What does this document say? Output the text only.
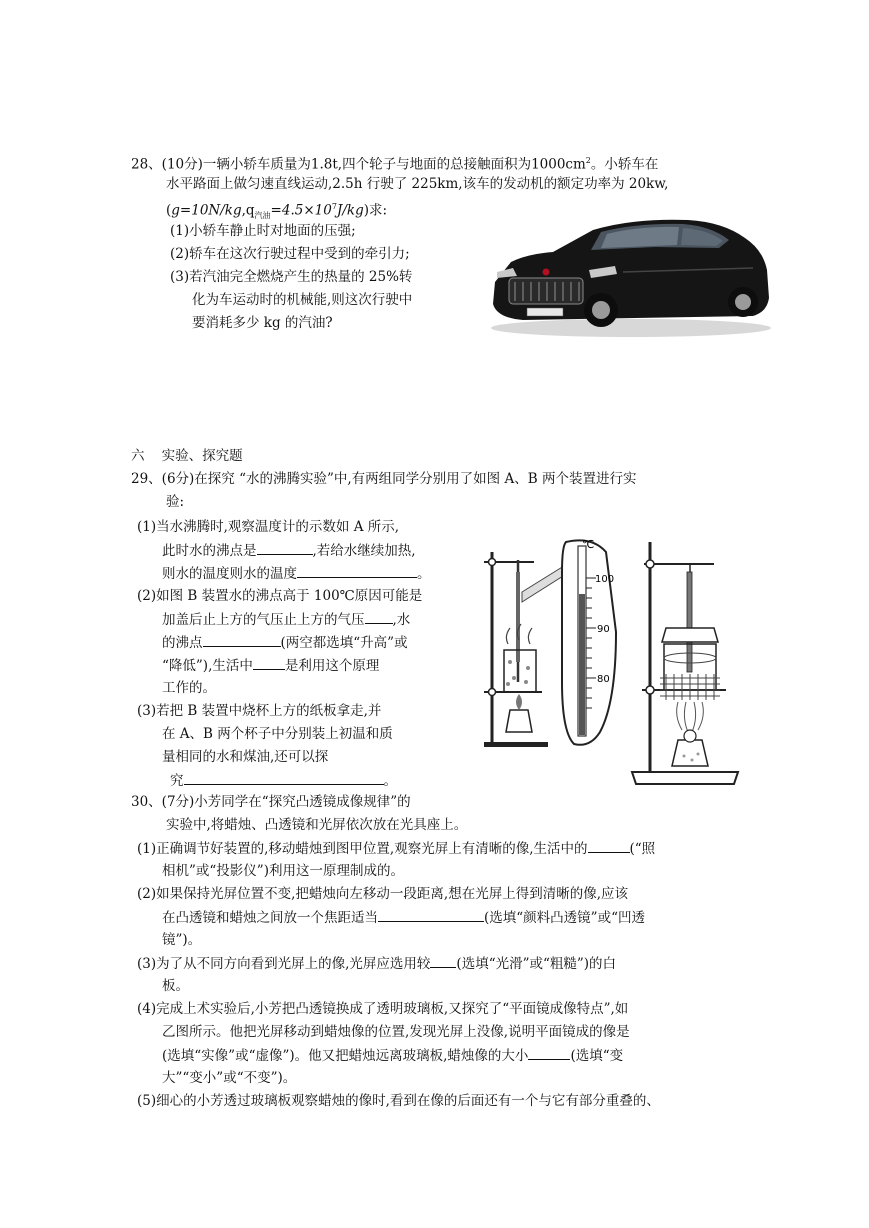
28、(10分)一辆小轿车质量为1.8t,四个轮子与地面的总接触面积为$1000cm^2$。小轿车在
水平路面上做匀速直线运动,2.5h 行驶了 225km,该车的发动机的额定功率为 20kw,
$(g=10N/kg,q_{汽油}=4.5\times 10^7J/kg)$求:
(1)小轿车静止时对地面的压强;
(2)轿车在这次行驶过程中受到的牵引力;
(3)若汽油完全燃烧产生的热量的 25%转
化为车运动时的机械能,则这次行驶中
要消耗多少 kg 的汽油?
六 实验、探究题
29、(6分)在探究 “水的沸腾实验”中,有两组同学分别用了如图 A、B 两个装置进行实
验:
(1)当水沸腾时,观察温度计的示数如 A 所示,
此时水的沸点是	,若给水继续加热,
则水的温度则水的温度	。
(2)如图 B 装置水的沸点高于 100℃原因可能是
加盖后止上方的气压止上方的气压 ,水
的沸点	(两空都选填“升高”或
“降低”),生活中 是利用这个原理
工作的。
(3)若把 B 装置中烧杯上方的纸板拿走,并
在 A、B 两个杯子中分别装上初温和质
量相同的水和煤油,还可以探
究	。
℃
100
90
80
30、(7分)小芳同学在“探究凸透镜成像规律”的
实验中,将蜡烛、凸透镜和光屏依次放在光具座上。
(1)正确调节好装置的,移动蜡烛到图甲位置,观察光屏上有清晰的像,生活中的	(“照
相机”或“投影仪”)利用这一原理制成的。
(2)如果保持光屏位置不变,把蜡烛向左移动一段距离,想在光屏上得到清晰的像,应该
在凸透镜和蜡烛之间放一个焦距适当	(选填“颜料凸透镜”或“凹透
镜”)。
(3)为了从不同方向看到光屏上的像,光屏应选用较 (选填“光滑”或“粗糙”)的白
板。
(4)完成上术实验后,小芳把凸透镜换成了透明玻璃板,又探究了“平面镜成像特点”,如
乙图所示。他把光屏移动到蜡烛像的位置,发现光屏上没像,说明平面镜成的像是
(选填“实像”或“虚像”)。他又把蜡烛远离玻璃板,蜡烛像的大小	(选填“变
大”“变小”或“不变”)。
(5)细心的小芳透过玻璃板观察蜡烛的像时,看到在像的后面还有一个与它有部分重叠的、
